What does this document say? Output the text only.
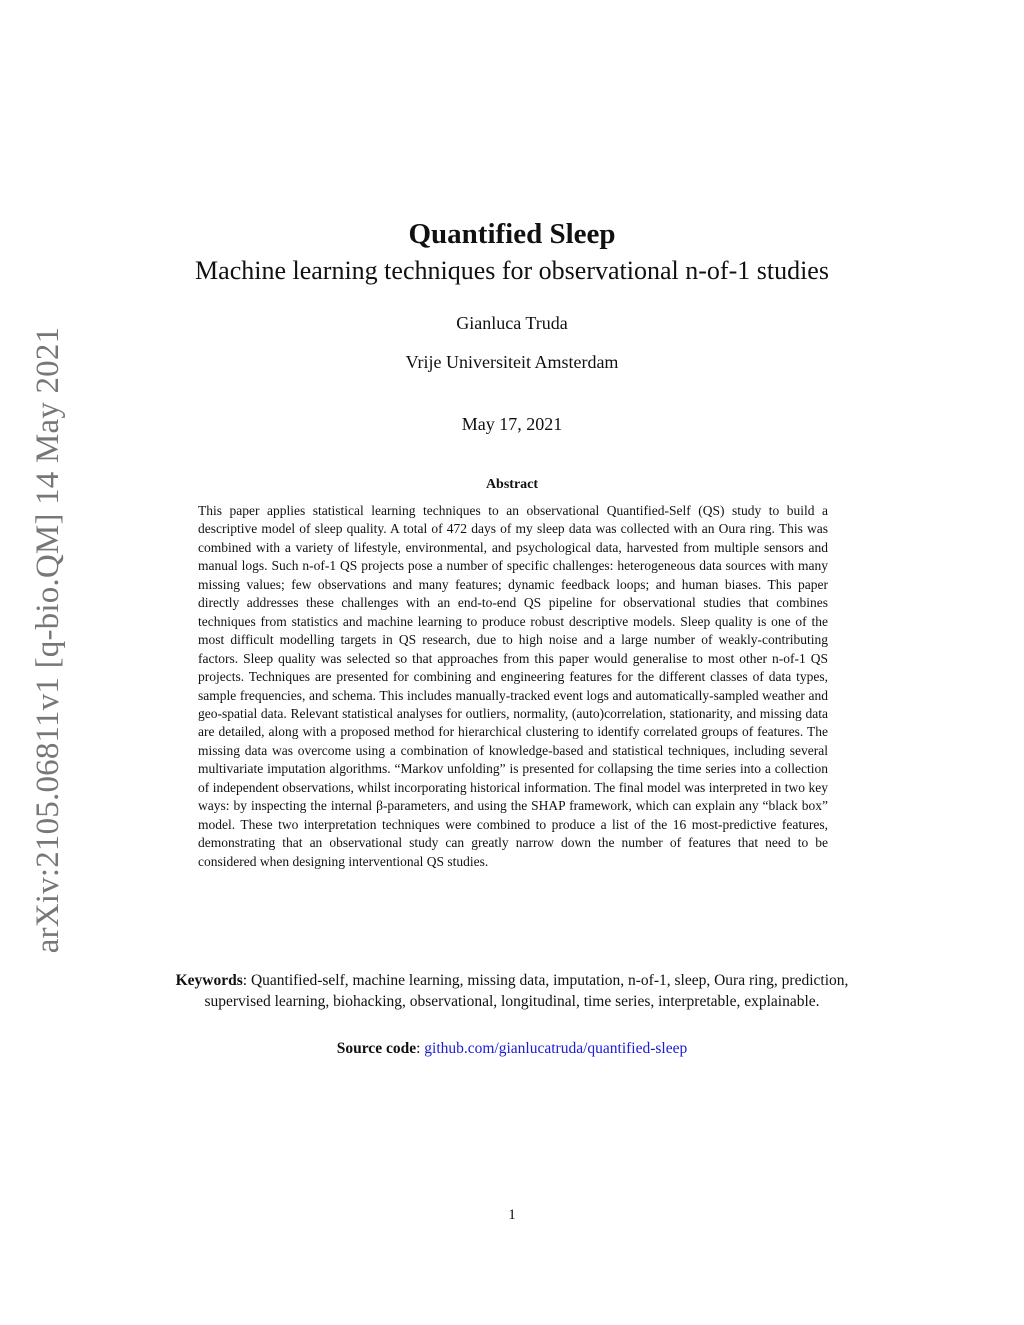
arXiv:2105.06811v1 [q-bio.QM] 14 May 2021
Quantified Sleep
Machine learning techniques for observational n-of-1 studies
Gianluca Truda
Vrije Universiteit Amsterdam
May 17, 2021
Abstract
This paper applies statistical learning techniques to an observational Quantified-Self (QS) study to build a descriptive model of sleep quality. A total of 472 days of my sleep data was collected with an Oura ring. This was combined with a variety of lifestyle, environmental, and psychological data, harvested from multiple sensors and manual logs. Such n-of-1 QS projects pose a number of specific challenges: heterogeneous data sources with many missing values; few observations and many features; dynamic feedback loops; and human biases. This paper directly addresses these challenges with an end-to-end QS pipeline for observational studies that combines techniques from statistics and machine learning to produce robust descriptive models. Sleep quality is one of the most difficult modelling targets in QS research, due to high noise and a large number of weakly-contributing factors. Sleep quality was selected so that approaches from this paper would generalise to most other n-of-1 QS projects. Techniques are presented for combining and engineering features for the different classes of data types, sample frequencies, and schema. This includes manually-tracked event logs and automatically-sampled weather and geo-spatial data. Relevant statistical analyses for outliers, normality, (auto)correlation, stationarity, and missing data are detailed, along with a proposed method for hierarchical clustering to identify correlated groups of features. The missing data was overcome using a combination of knowledge-based and statistical techniques, including several multivariate imputation algorithms. “Markov unfolding” is presented for collapsing the time series into a collection of independent observations, whilst incorporating historical information. The final model was interpreted in two key ways: by inspecting the internal β-parameters, and using the SHAP framework, which can explain any “black box” model. These two interpretation techniques were combined to produce a list of the 16 most-predictive features, demonstrating that an observational study can greatly narrow down the number of features that need to be considered when designing interventional QS studies.
Keywords: Quantified-self, machine learning, missing data, imputation, n-of-1, sleep, Oura ring, prediction, supervised learning, biohacking, observational, longitudinal, time series, interpretable, explainable.
Source code: github.com/gianlucatruda/quantified-sleep
1
